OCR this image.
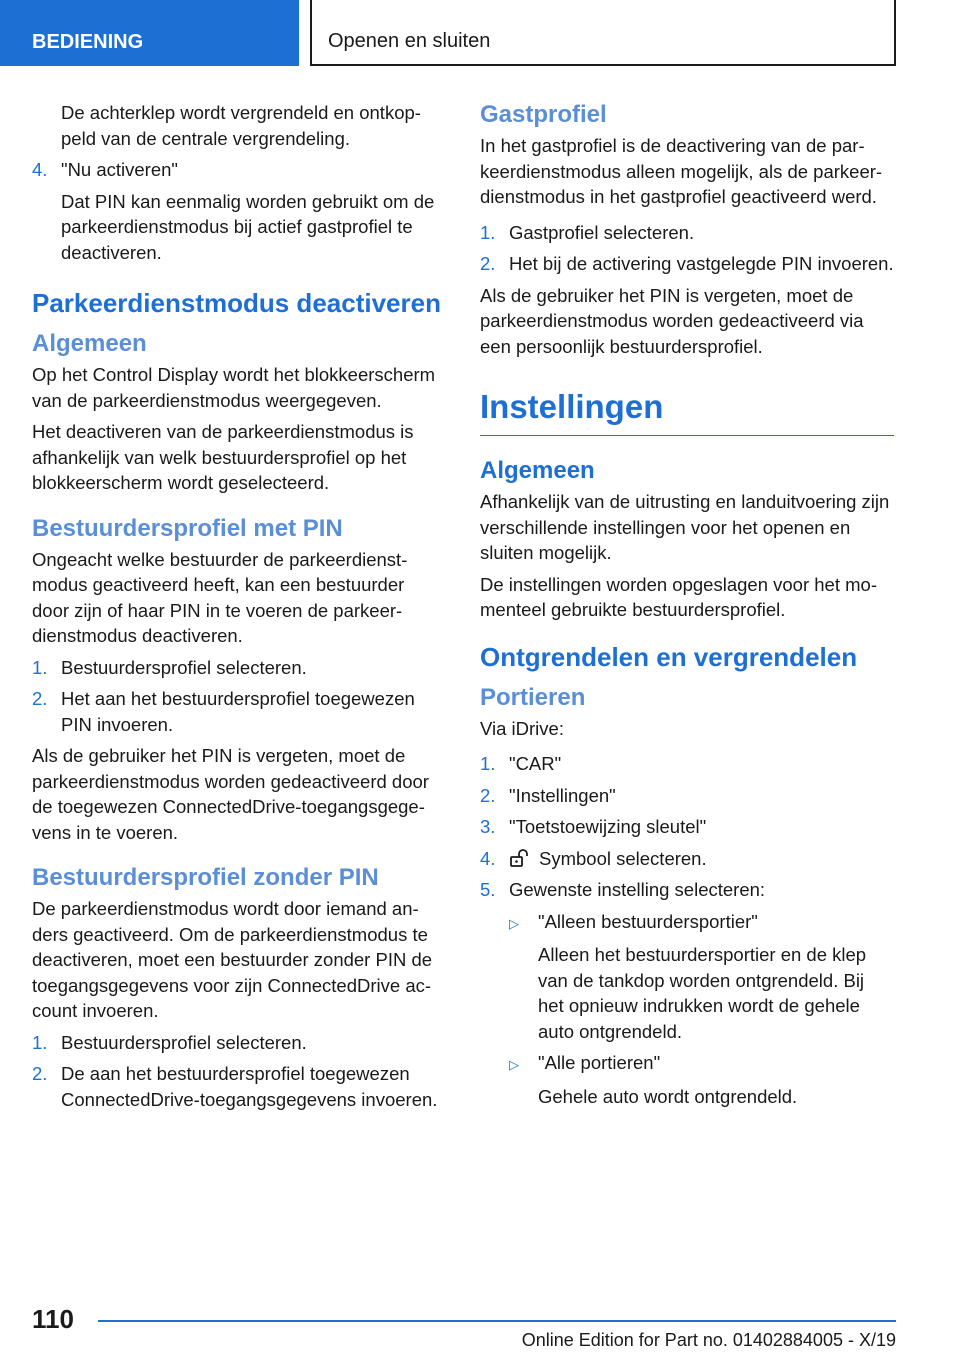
BEDIENING	Openen en sluiten

De achterklep wordt vergrendeld en ontkoppeld van de centrale vergrendeling.

4. "Nu activeren"

Dat PIN kan eenmalig worden gebruikt om de parkeerdienstmodus bij actief gastprofiel te deactiveren.

Parkeerdienstmodus deactiveren
Algemeen

Op het Control Display wordt het blokkeerscherm van de parkeerdienstmodus weergegeven.

Het deactiveren van de parkeerdienstmodus is afhankelijk van welk bestuurdersprofiel op het blokkeerscherm wordt geselecteerd.

Bestuurdersprofiel met PIN

Ongeacht welke bestuurder de parkeerdienstmodus geactiveerd heeft, kan een bestuurder door zijn of haar PIN in te voeren de parkeerdienstmodus deactiveren.

1. Bestuurdersprofiel selecteren.
2. Het aan het bestuurdersprofiel toegewezen PIN invoeren.

Als de gebruiker het PIN is vergeten, moet de parkeerdienstmodus worden gedeactiveerd door de toegewezen ConnectedDrive-toegangsgegevens in te voeren.

Bestuurdersprofiel zonder PIN

De parkeerdienstmodus wordt door iemand anders geactiveerd. Om de parkeerdienstmodus te deactiveren, moet een bestuurder zonder PIN de toegangsgegevens voor zijn ConnectedDrive account invoeren.

1. Bestuurdersprofiel selecteren.
2. De aan het bestuurdersprofiel toegewezen ConnectedDrive-toegangsgegevens invoeren.
Gastprofiel

In het gastprofiel is de deactivering van de parkeerdienstmodus alleen mogelijk, als de parkeerdienstmodus in het gastprofiel geactiveerd werd.

1. Gastprofiel selecteren.
2. Het bij de activering vastgelegde PIN invoeren.

Als de gebruiker het PIN is vergeten, moet de parkeerdienstmodus worden gedeactiveerd via een persoonlijk bestuurdersprofiel.

Instellingen
Algemeen

Afhankelijk van de uitrusting en landuitvoering zijn verschillende instellingen voor het openen en sluiten mogelijk.

De instellingen worden opgeslagen voor het momenteel gebruikte bestuurdersprofiel.

Ontgrendelen en vergrendelen
Portieren

Via iDrive:

1. "CAR"
2. "Instellingen"
3. "Toetstoewijzing sleutel"
4.	Symbool selecteren.
5. Gewenste instelling selecteren:
▷	"Alleen bestuurdersportier"

Alleen het bestuurdersportier en de klep van de tankdop worden ontgrendeld. Bij het opnieuw indrukken wordt de gehele auto ontgrendeld.

▷	"Alle portieren"

Gehele auto wordt ontgrendeld.

110
Online Edition for Part no. 01402884005 - X/19
